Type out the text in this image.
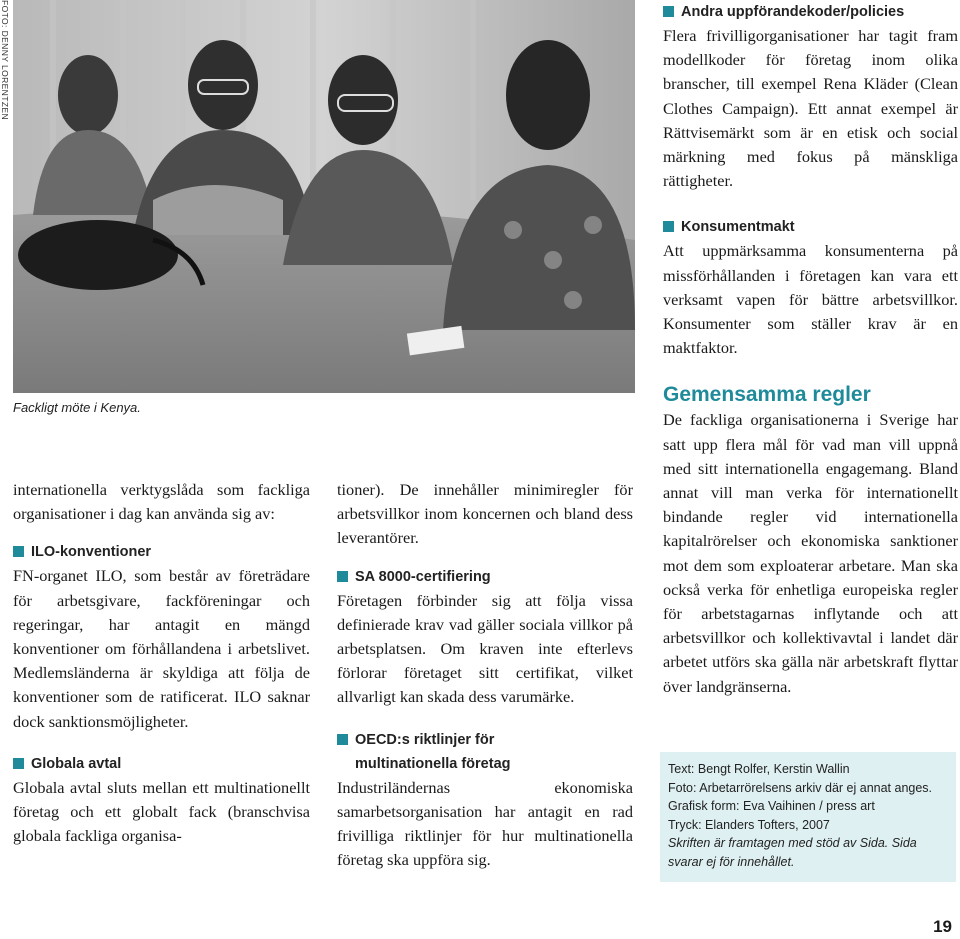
FOTO: DENNY LORENTZEN
Fackligt möte i Kenya.

internationella verktygslåda som fackliga organisationer i dag kan använda sig av:

ILO-konventioner

FN-organet ILO, som består av företrädare för arbetsgivare, fackföreningar och regeringar, har antagit en mängd konventioner om förhållandena i arbetslivet. Medlemsländerna är skyldiga att följa de konventioner som de ratificerat. ILO saknar dock sanktionsmöjligheter.

Globala avtal

Globala avtal sluts mellan ett multinationellt företag och ett globalt fack (branschvisa globala fackliga organisa-

tioner). De innehåller minimiregler för arbetsvillkor inom koncernen och bland dess leverantörer.

SA 8000-certifiering

Företagen förbinder sig att följa vissa definierade krav vad gäller sociala villkor på arbetsplatsen. Om kraven inte efterlevs förlorar företaget sitt certifikat, vilket allvarligt kan skada dess varumärke.

OECD:s riktlinjer för
multinationella företag

Industriländernas ekonomiska samarbetsorganisation har antagit en rad frivilliga riktlinjer för hur multinationella företag ska uppföra sig.

Andra uppförandekoder/policies

Flera frivilligorganisationer har tagit fram modellkoder för företag inom olika branscher, till exempel Rena Kläder (Clean Clothes Campaign). Ett annat exempel är Rättvisemärkt som är en etisk och social märkning med fokus på mänskliga rättigheter.

Konsumentmakt

Att uppmärksamma konsumenterna på missförhållanden i företagen kan vara ett verksamt vapen för bättre arbetsvillkor. Konsumenter som ställer krav är en maktfaktor.

Gemensamma regler

De fackliga organisationerna i Sverige har satt upp flera mål för vad man vill uppnå med sitt internationella engagemang. Bland annat vill man verka för internationellt bindande regler vid internationella kapitalrörelser och ekonomiska sanktioner mot dem som exploaterar arbetare. Man ska också verka för enhetliga europeiska regler för arbetstagarnas inflytande och att arbetsvillkor och kollektivavtal i landet där arbetet utförs ska gälla när arbetskraft flyttar över landgränserna.

Text: Bengt Rolfer, Kerstin Wallin
Foto: Arbetarrörelsens arkiv där ej annat anges.
Grafisk form: Eva Vaihinen / press art
Tryck: Elanders Tofters, 2007
Skriften är framtagen med stöd av Sida. Sida svarar ej för innehållet.
19
